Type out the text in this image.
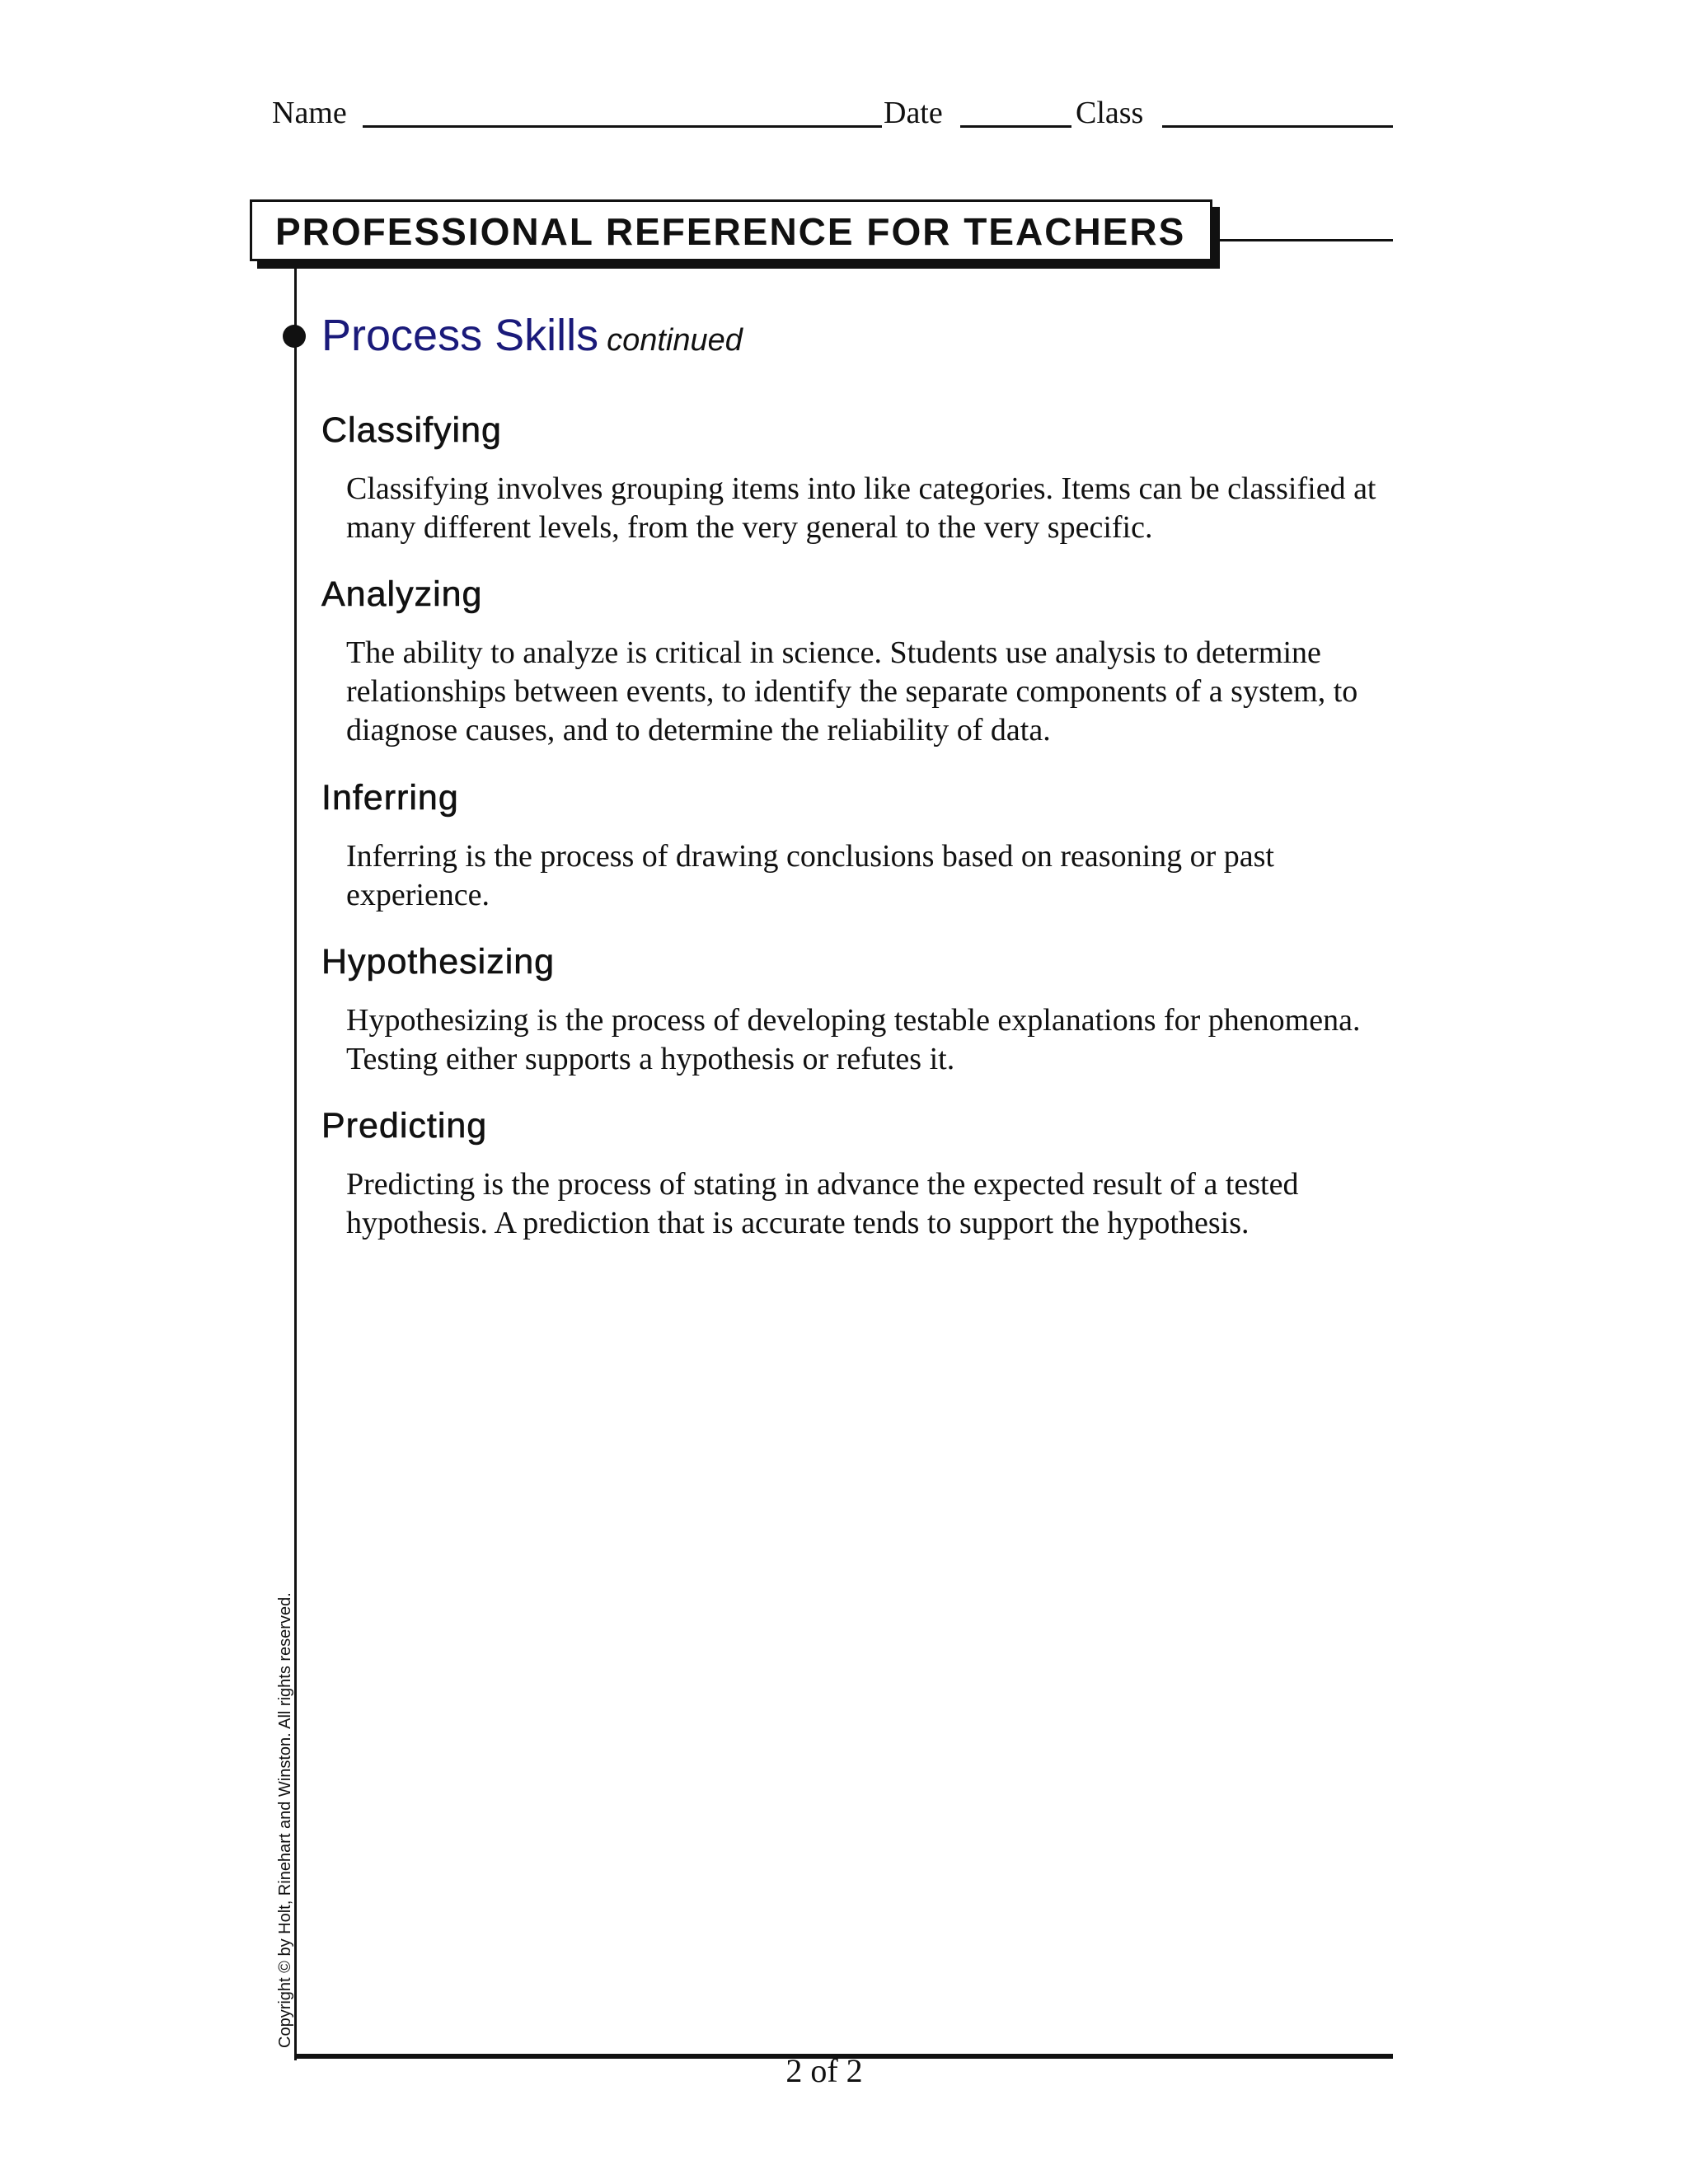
Name	Date	Class
PROFESSIONAL REFERENCE FOR TEACHERS
Process Skills continued
Classifying

Classifying involves grouping items into like categories. Items can be classified at many different levels, from the very general to the very specific.

Analyzing

The ability to analyze is critical in science. Students use analysis to determine relationships between events, to identify the separate components of a system, to diagnose causes, and to determine the reliability of data.

Inferring

Inferring is the process of drawing conclusions based on reasoning or past experience.

Hypothesizing

Hypothesizing is the process of developing testable explanations for phenomena. Testing either supports a hypothesis or refutes it.

Predicting

Predicting is the process of stating in advance the expected result of a tested hypothesis. A prediction that is accurate tends to support the hypothesis.

Copyright © by Holt, Rinehart and Winston. All rights reserved.
2 of 2
